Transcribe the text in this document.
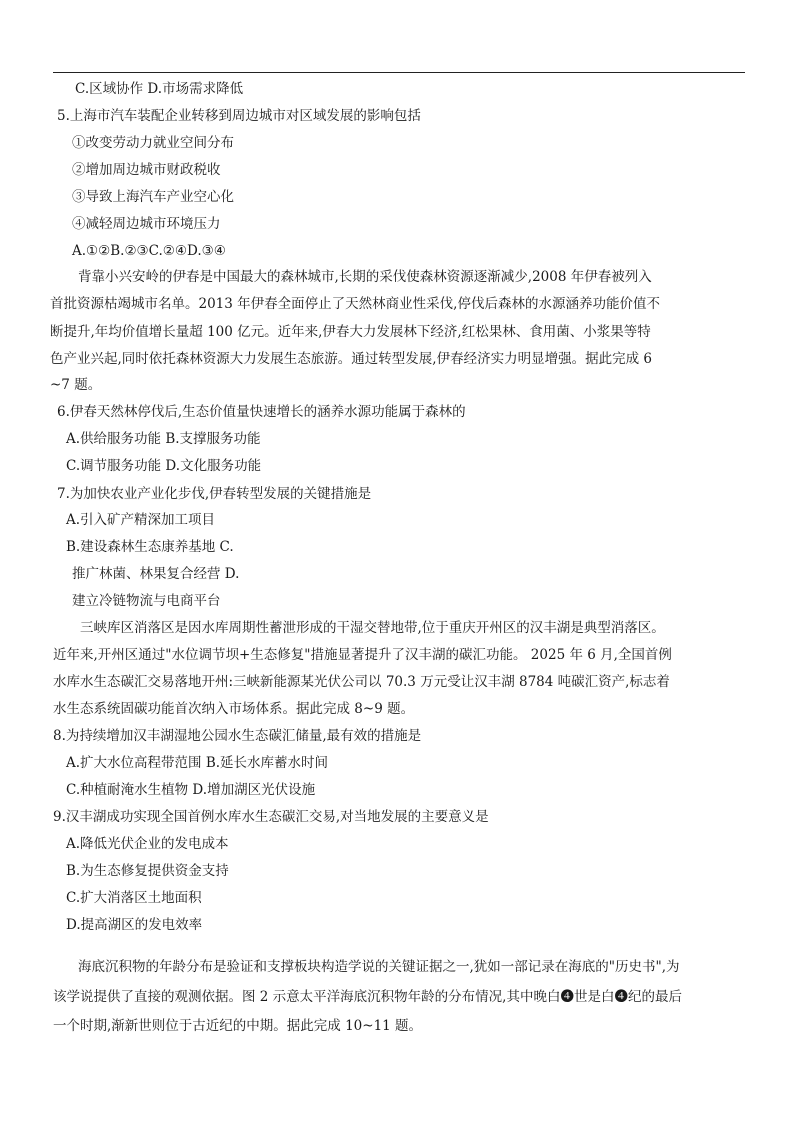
C.区域协作 D.市场需求降低
5.上海市汽车装配企业转移到周边城市对区域发展的影响包括
①改变劳动力就业空间分布
②增加周边城市财政税收
③导致上海汽车产业空心化
④减轻周边城市环境压力
A.①②B.②③C.②④D.③④
背靠小兴安岭的伊春是中国最大的森林城市,长期的采伐使森林资源逐渐减少,2008 年伊春被列入
首批资源枯竭城市名单。2013 年伊春全面停止了天然林商业性采伐,停伐后森林的水源涵养功能价值不
断提升,年均价值增长量超 100 亿元。近年来,伊春大力发展林下经济,红松果林、食用菌、小浆果等特
色产业兴起,同时依托森林资源大力发展生态旅游。通过转型发展,伊春经济实力明显增强。据此完成 6
~7 题。
6.伊春天然林停伐后,生态价值量快速增长的涵养水源功能属于森林的
A.供给服务功能 B.支撑服务功能
C.调节服务功能 D.文化服务功能
7.为加快农业产业化步伐,伊春转型发展的关键措施是
A.引入矿产精深加工项目
B.建设森林生态康养基地 C.
推广林菌、林果复合经营 D.
建立冷链物流与电商平台
三峡库区消落区是因水库周期性蓄泄形成的干湿交替地带,位于重庆开州区的汉丰湖是典型消落区。
近年来,开州区通过"水位调节坝+生态修复"措施显著提升了汉丰湖的碳汇功能。 2025 年 6 月,全国首例
水库水生态碳汇交易落地开州:三峡新能源某光伏公司以 70.3 万元受让汉丰湖 8784 吨碳汇资产,标志着
水生态系统固碳功能首次纳入市场体系。据此完成 8~9 题。
8.为持续增加汉丰湖湿地公园水生态碳汇储量,最有效的措施是
A.扩大水位高程带范围 B.延长水库蓄水时间
C.种植耐淹水生植物 D.增加湖区光伏设施
9.汉丰湖成功实现全国首例水库水生态碳汇交易,对当地发展的主要意义是
A.降低光伏企业的发电成本
B.为生态修复提供资金支持
C.扩大消落区土地面积
D.提高湖区的发电效率
海底沉积物的年龄分布是验证和支撑板块构造学说的关键证据之一,犹如一部记录在海底的"历史书",为
该学说提供了直接的观测依据。图 2 示意太平洋海底沉积物年龄的分布情况,其中晚白❹世是白❹纪的最后
一个时期,渐新世则位于古近纪的中期。据此完成 10~11 题。
